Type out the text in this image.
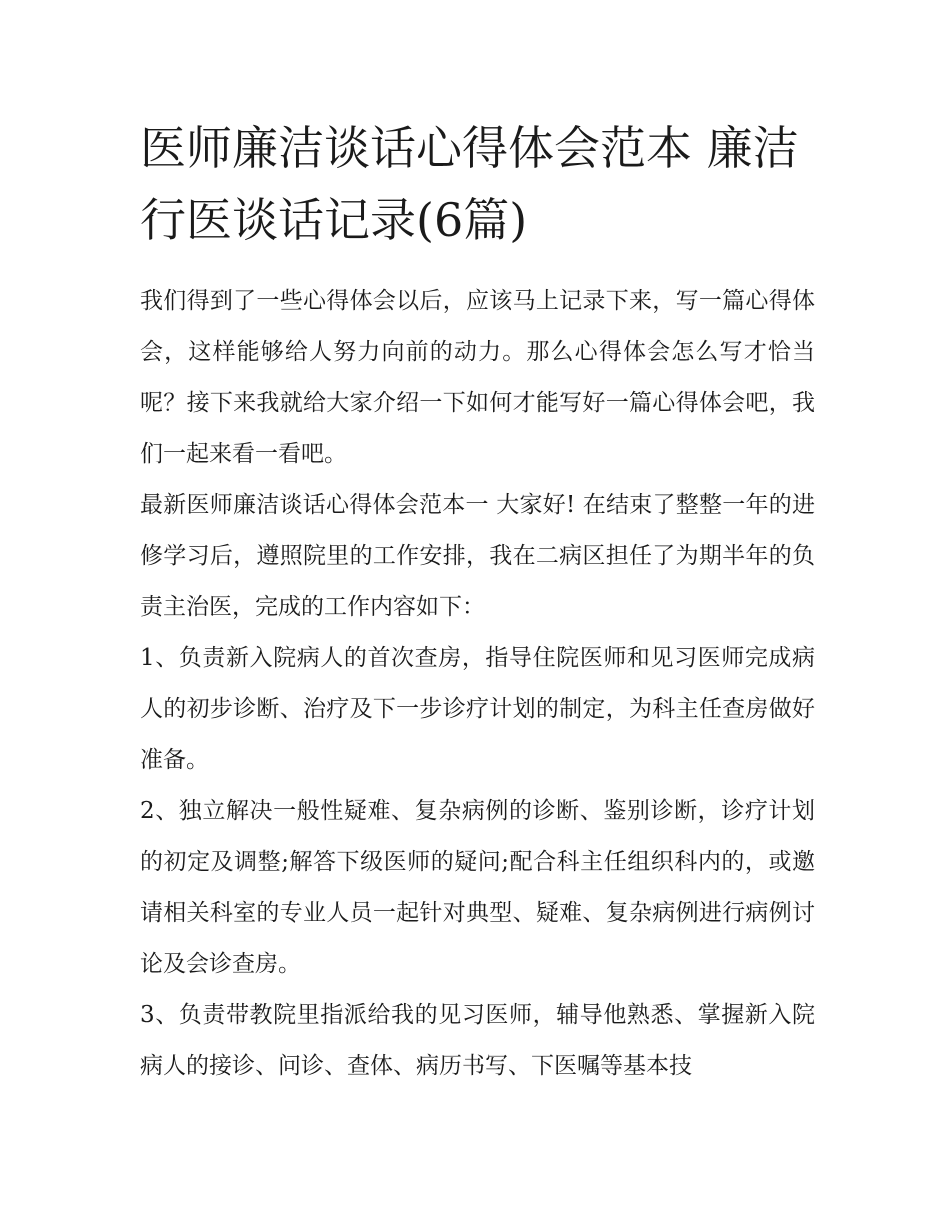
医师廉洁谈话心得体会范本 廉洁行医谈话记录(6篇)

我们得到了一些心得体会以后，应该马上记录下来，写一篇心得体会，这样能够给人努力向前的动力。那么心得体会怎么写才恰当呢？接下来我就给大家介绍一下如何才能写好一篇心得体会吧，我们一起来看一看吧。

最新医师廉洁谈话心得体会范本一 大家好! 在结束了整整一年的进修学习后，遵照院里的工作安排，我在二病区担任了为期半年的负责主治医，完成的工作内容如下：

1、负责新入院病人的首次查房，指导住院医师和见习医师完成病人的初步诊断、治疗及下一步诊疗计划的制定，为科主任查房做好准备。

2、独立解决一般性疑难、复杂病例的诊断、鉴别诊断，诊疗计划的初定及调整;解答下级医师的疑问;配合科主任组织科内的，或邀请相关科室的专业人员一起针对典型、疑难、复杂病例进行病例讨论及会诊查房。

3、负责带教院里指派给我的见习医师，辅导他熟悉、掌握新入院病人的接诊、问诊、查体、病历书写、下医嘱等基本技
